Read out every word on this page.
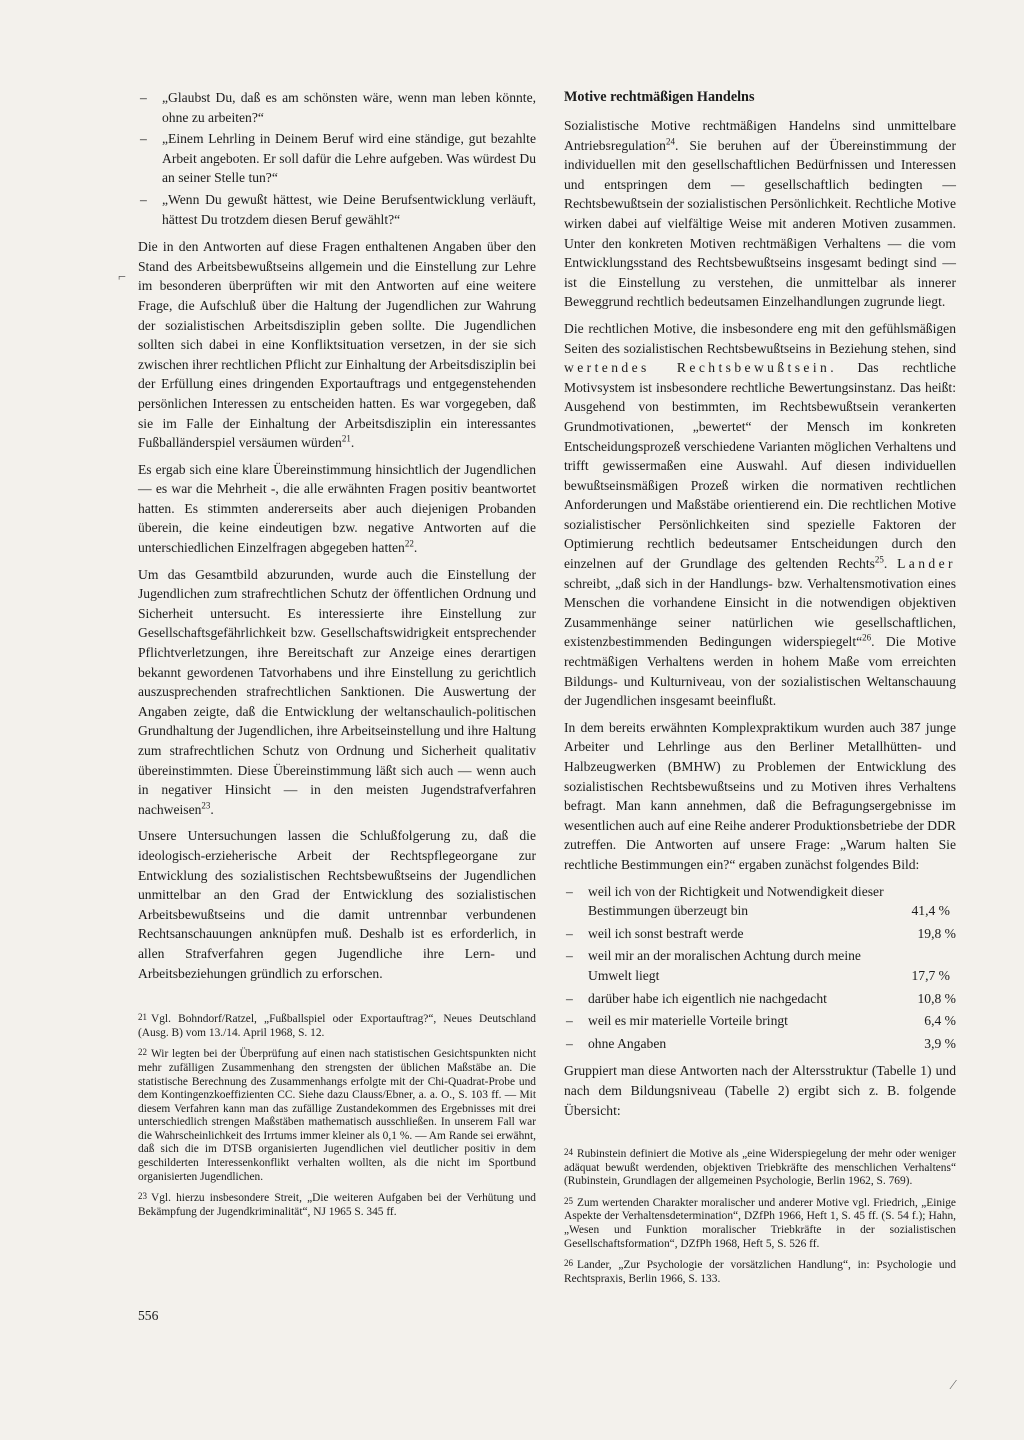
– „Glaubst Du, daß es am schönsten wäre, wenn man leben könnte, ohne zu arbeiten?“
– „Einem Lehrling in Deinem Beruf wird eine ständige, gut bezahlte Arbeit angeboten. Er soll dafür die Lehre aufgeben. Was würdest Du an seiner Stelle tun?“
– „Wenn Du gewußt hättest, wie Deine Berufsentwicklung verläuft, hättest Du trotzdem diesen Beruf gewählt?“

Die in den Antworten auf diese Fragen enthaltenen Angaben über den Stand des Arbeitsbewußtseins allgemein und die Einstellung zur Lehre im besonderen überprüften wir mit den Antworten auf eine weitere Frage, die Aufschluß über die Haltung der Jugendlichen zur Wahrung der sozialistischen Arbeitsdisziplin geben sollte. Die Jugendlichen sollten sich dabei in eine Konfliktsituation versetzen, in der sie sich zwischen ihrer rechtlichen Pflicht zur Einhaltung der Arbeitsdisziplin bei der Erfüllung eines dringenden Exportauftrags und entgegenstehenden persönlichen Interessen zu entscheiden hatten. Es war vorgegeben, daß sie im Falle der Einhaltung der Arbeitsdisziplin ein interessantes Fußballänderspiel versäumen würden$^{21}$.

Es ergab sich eine klare Übereinstimmung hinsichtlich der Jugendlichen — es war die Mehrheit -, die alle erwähnten Fragen positiv beantwortet hatten. Es stimmten andererseits aber auch diejenigen Probanden überein, die keine eindeutigen bzw. negative Antworten auf die unterschiedlichen Einzelfragen abgegeben hatten$^{22}$.

Um das Gesamtbild abzurunden, wurde auch die Einstellung der Jugendlichen zum strafrechtlichen Schutz der öffentlichen Ordnung und Sicherheit untersucht. Es interessierte ihre Einstellung zur Gesellschaftsgefährlichkeit bzw. Gesellschaftswidrigkeit entsprechender Pflichtverletzungen, ihre Bereitschaft zur Anzeige eines derartigen bekannt gewordenen Tatvorhabens und ihre Einstellung zu gerichtlich auszusprechenden strafrechtlichen Sanktionen. Die Auswertung der Angaben zeigte, daß die Entwicklung der weltanschaulich-politischen Grundhaltung der Jugendlichen, ihre Arbeitseinstellung und ihre Haltung zum strafrechtlichen Schutz von Ordnung und Sicherheit qualitativ übereinstimmten. Diese Übereinstimmung läßt sich auch — wenn auch in negativer Hinsicht — in den meisten Jugendstrafverfahren nachweisen$^{23}$.

Unsere Untersuchungen lassen die Schlußfolgerung zu, daß die ideologisch-erzieherische Arbeit der Rechtspflegeorgane zur Entwicklung des sozialistischen Rechtsbewußtseins der Jugendlichen unmittelbar an den Grad der Entwicklung des sozialistischen Arbeitsbewußtseins und die damit untrennbar verbundenen Rechtsanschauungen anknüpfen muß. Deshalb ist es erforderlich, in allen Strafverfahren gegen Jugendliche ihre Lern- und Arbeitsbeziehungen gründlich zu erforschen.

21 Vgl. Bohndorf/Ratzel, „Fußballspiel oder Exportauftrag?“, Neues Deutschland (Ausg. B) vom 13./14. April 1968, S. 12.

22 Wir legten bei der Überprüfung auf einen nach statistischen Gesichtspunkten nicht mehr zufälligen Zusammenhang den strengsten der üblichen Maßstäbe an. Die statistische Berechnung des Zusammenhangs erfolgte mit der Chi-Quadrat-Probe und dem Kontingenzkoeffizienten CC. Siehe dazu Clauss/Ebner, a. a. O., S. 103 ff. — Mit diesem Verfahren kann man das zufällige Zustandekommen des Ergebnisses mit drei unterschiedlich strengen Maßstäben mathematisch ausschließen. In unserem Fall war die Wahrscheinlichkeit des Irrtums immer kleiner als 0,1 %. — Am Rande sei erwähnt, daß sich die im DTSB organisierten Jugendlichen viel deutlicher positiv in dem geschilderten Interessenkonflikt verhalten wollten, als die nicht im Sportbund organisierten Jugendlichen.

23 Vgl. hierzu insbesondere Streit, „Die weiteren Aufgaben bei der Verhütung und Bekämpfung der Jugendkriminalität“, NJ 1965 S. 345 ff.

Motive rechtmäßigen Handelns

Sozialistische Motive rechtmäßigen Handelns sind unmittelbare Antriebsregulation$^{24}$. Sie beruhen auf der Übereinstimmung der individuellen mit den gesellschaftlichen Bedürfnissen und Interessen und entspringen dem — gesellschaftlich bedingten — Rechtsbewußtsein der sozialistischen Persönlichkeit. Rechtliche Motive wirken dabei auf vielfältige Weise mit anderen Motiven zusammen. Unter den konkreten Motiven rechtmäßigen Verhaltens — die vom Entwicklungsstand des Rechtsbewußtseins insgesamt bedingt sind — ist die Einstellung zu verstehen, die unmittelbar als innerer Beweggrund rechtlich bedeutsamen Einzelhandlungen zugrunde liegt.

Die rechtlichen Motive, die insbesondere eng mit den gefühlsmäßigen Seiten des sozialistischen Rechtsbewußtseins in Beziehung stehen, sind wertendes Rechtsbewußtsein. Das rechtliche Motivsystem ist insbesondere rechtliche Bewertungsinstanz. Das heißt: Ausgehend von bestimmten, im Rechtsbewußtsein verankerten Grundmotivationen, „bewertet“ der Mensch im konkreten Entscheidungsprozeß verschiedene Varianten möglichen Verhaltens und trifft gewissermaßen eine Auswahl. Auf diesen individuellen bewußtseinsmäßigen Prozeß wirken die normativen rechtlichen Anforderungen und Maßstäbe orientierend ein. Die rechtlichen Motive sozialistischer Persönlichkeiten sind spezielle Faktoren der Optimierung rechtlich bedeutsamer Entscheidungen durch den einzelnen auf der Grundlage des geltenden Rechts$^{25}$. Lander schreibt, „daß sich in der Handlungs- bzw. Verhaltensmotivation eines Menschen die vorhandene Einsicht in die notwendigen objektiven Zusammenhänge seiner natürlichen wie gesellschaftlichen, existenzbestimmenden Bedingungen widerspiegelt“$^{26}$. Die Motive rechtmäßigen Verhaltens werden in hohem Maße vom erreichten Bildungs- und Kulturniveau, von der sozialistischen Weltanschauung der Jugendlichen insgesamt beeinflußt.

In dem bereits erwähnten Komplexpraktikum wurden auch 387 junge Arbeiter und Lehrlinge aus den Berliner Metallhütten- und Halbzeugwerken (BMHW) zu Problemen der Entwicklung des sozialistischen Rechtsbewußtseins und zu Motiven ihres Verhaltens befragt. Man kann annehmen, daß die Befragungsergebnisse im wesentlichen auch auf eine Reihe anderer Produktionsbetriebe der DDR zutreffen. Die Antworten auf unsere Frage: „Warum halten Sie rechtliche Bestimmungen ein?“ ergaben zunächst folgendes Bild:

–	weil ich von der Richtigkeit und Notwendigkeit dieser Bestimmungen überzeugt bin	41,4 %
–	weil ich sonst bestraft werde	19,8 %
–	weil mir an der moralischen Achtung durch meine Umwelt liegt	17,7 %
–	darüber habe ich eigentlich nie nachgedacht	10,8 %
–	weil es mir materielle Vorteile bringt	6,4 %
–	ohne Angaben	3,9 %

Gruppiert man diese Antworten nach der Altersstruktur (Tabelle 1) und nach dem Bildungsniveau (Tabelle 2) ergibt sich z. B. folgende Übersicht:

24 Rubinstein definiert die Motive als „eine Widerspiegelung der mehr oder weniger adäquat bewußt werdenden, objektiven Triebkräfte des menschlichen Verhaltens“ (Rubinstein, Grundlagen der allgemeinen Psychologie, Berlin 1962, S. 769).

25 Zum wertenden Charakter moralischer und anderer Motive vgl. Friedrich, „Einige Aspekte der Verhaltensdetermination“, DZfPh 1966, Heft 1, S. 45 ff. (S. 54 f.); Hahn, „Wesen und Funktion moralischer Triebkräfte in der sozialistischen Gesellschaftsformation“, DZfPh 1968, Heft 5, S. 526 ff.

26 Lander, „Zur Psychologie der vorsätzlichen Handlung“, in: Psychologie und Rechtspraxis, Berlin 1966, S. 133.

556
⌐
⁄
